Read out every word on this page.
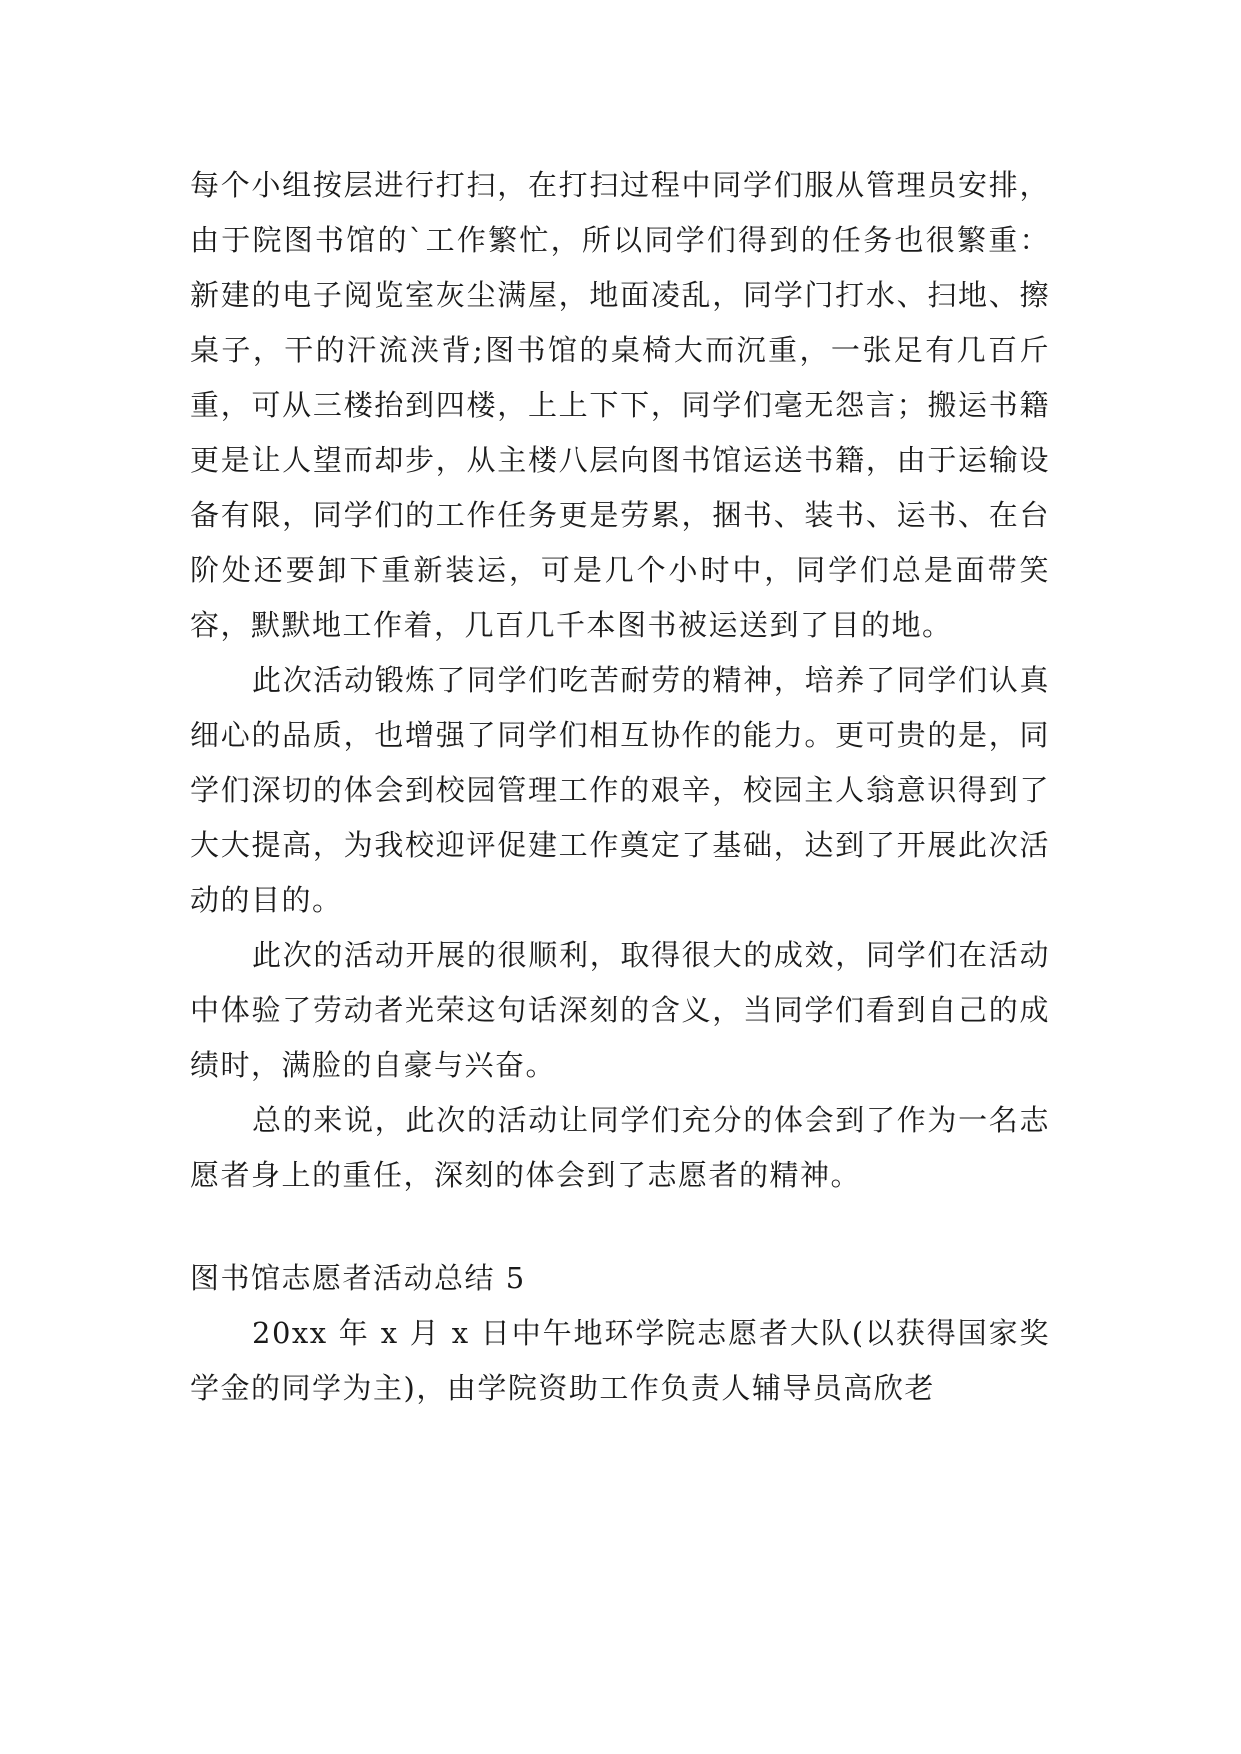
每个小组按层进行打扫，在打扫过程中同学们服从管理员安排，由于院图书馆的`工作繁忙，所以同学们得到的任务也很繁重：新建的电子阅览室灰尘满屋，地面凌乱，同学门打水、扫地、擦桌子，干的汗流浃背;图书馆的桌椅大而沉重，一张足有几百斤重，可从三楼抬到四楼，上上下下，同学们毫无怨言；搬运书籍更是让人望而却步，从主楼八层向图书馆运送书籍，由于运输设备有限，同学们的工作任务更是劳累，捆书、装书、运书、在台阶处还要卸下重新装运，可是几个小时中，同学们总是面带笑容，默默地工作着，几百几千本图书被运送到了目的地。

此次活动锻炼了同学们吃苦耐劳的精神，培养了同学们认真细心的品质，也增强了同学们相互协作的能力。更可贵的是，同学们深切的体会到校园管理工作的艰辛，校园主人翁意识得到了大大提高，为我校迎评促建工作奠定了基础，达到了开展此次活动的目的。

此次的活动开展的很顺利，取得很大的成效，同学们在活动中体验了劳动者光荣这句话深刻的含义，当同学们看到自己的成绩时，满脸的自豪与兴奋。

总的来说，此次的活动让同学们充分的体会到了作为一名志愿者身上的重任，深刻的体会到了志愿者的精神。

图书馆志愿者活动总结 5

20xx 年 x 月 x 日中午地环学院志愿者大队(以获得国家奖学金的同学为主)，由学院资助工作负责人辅导员高欣老
